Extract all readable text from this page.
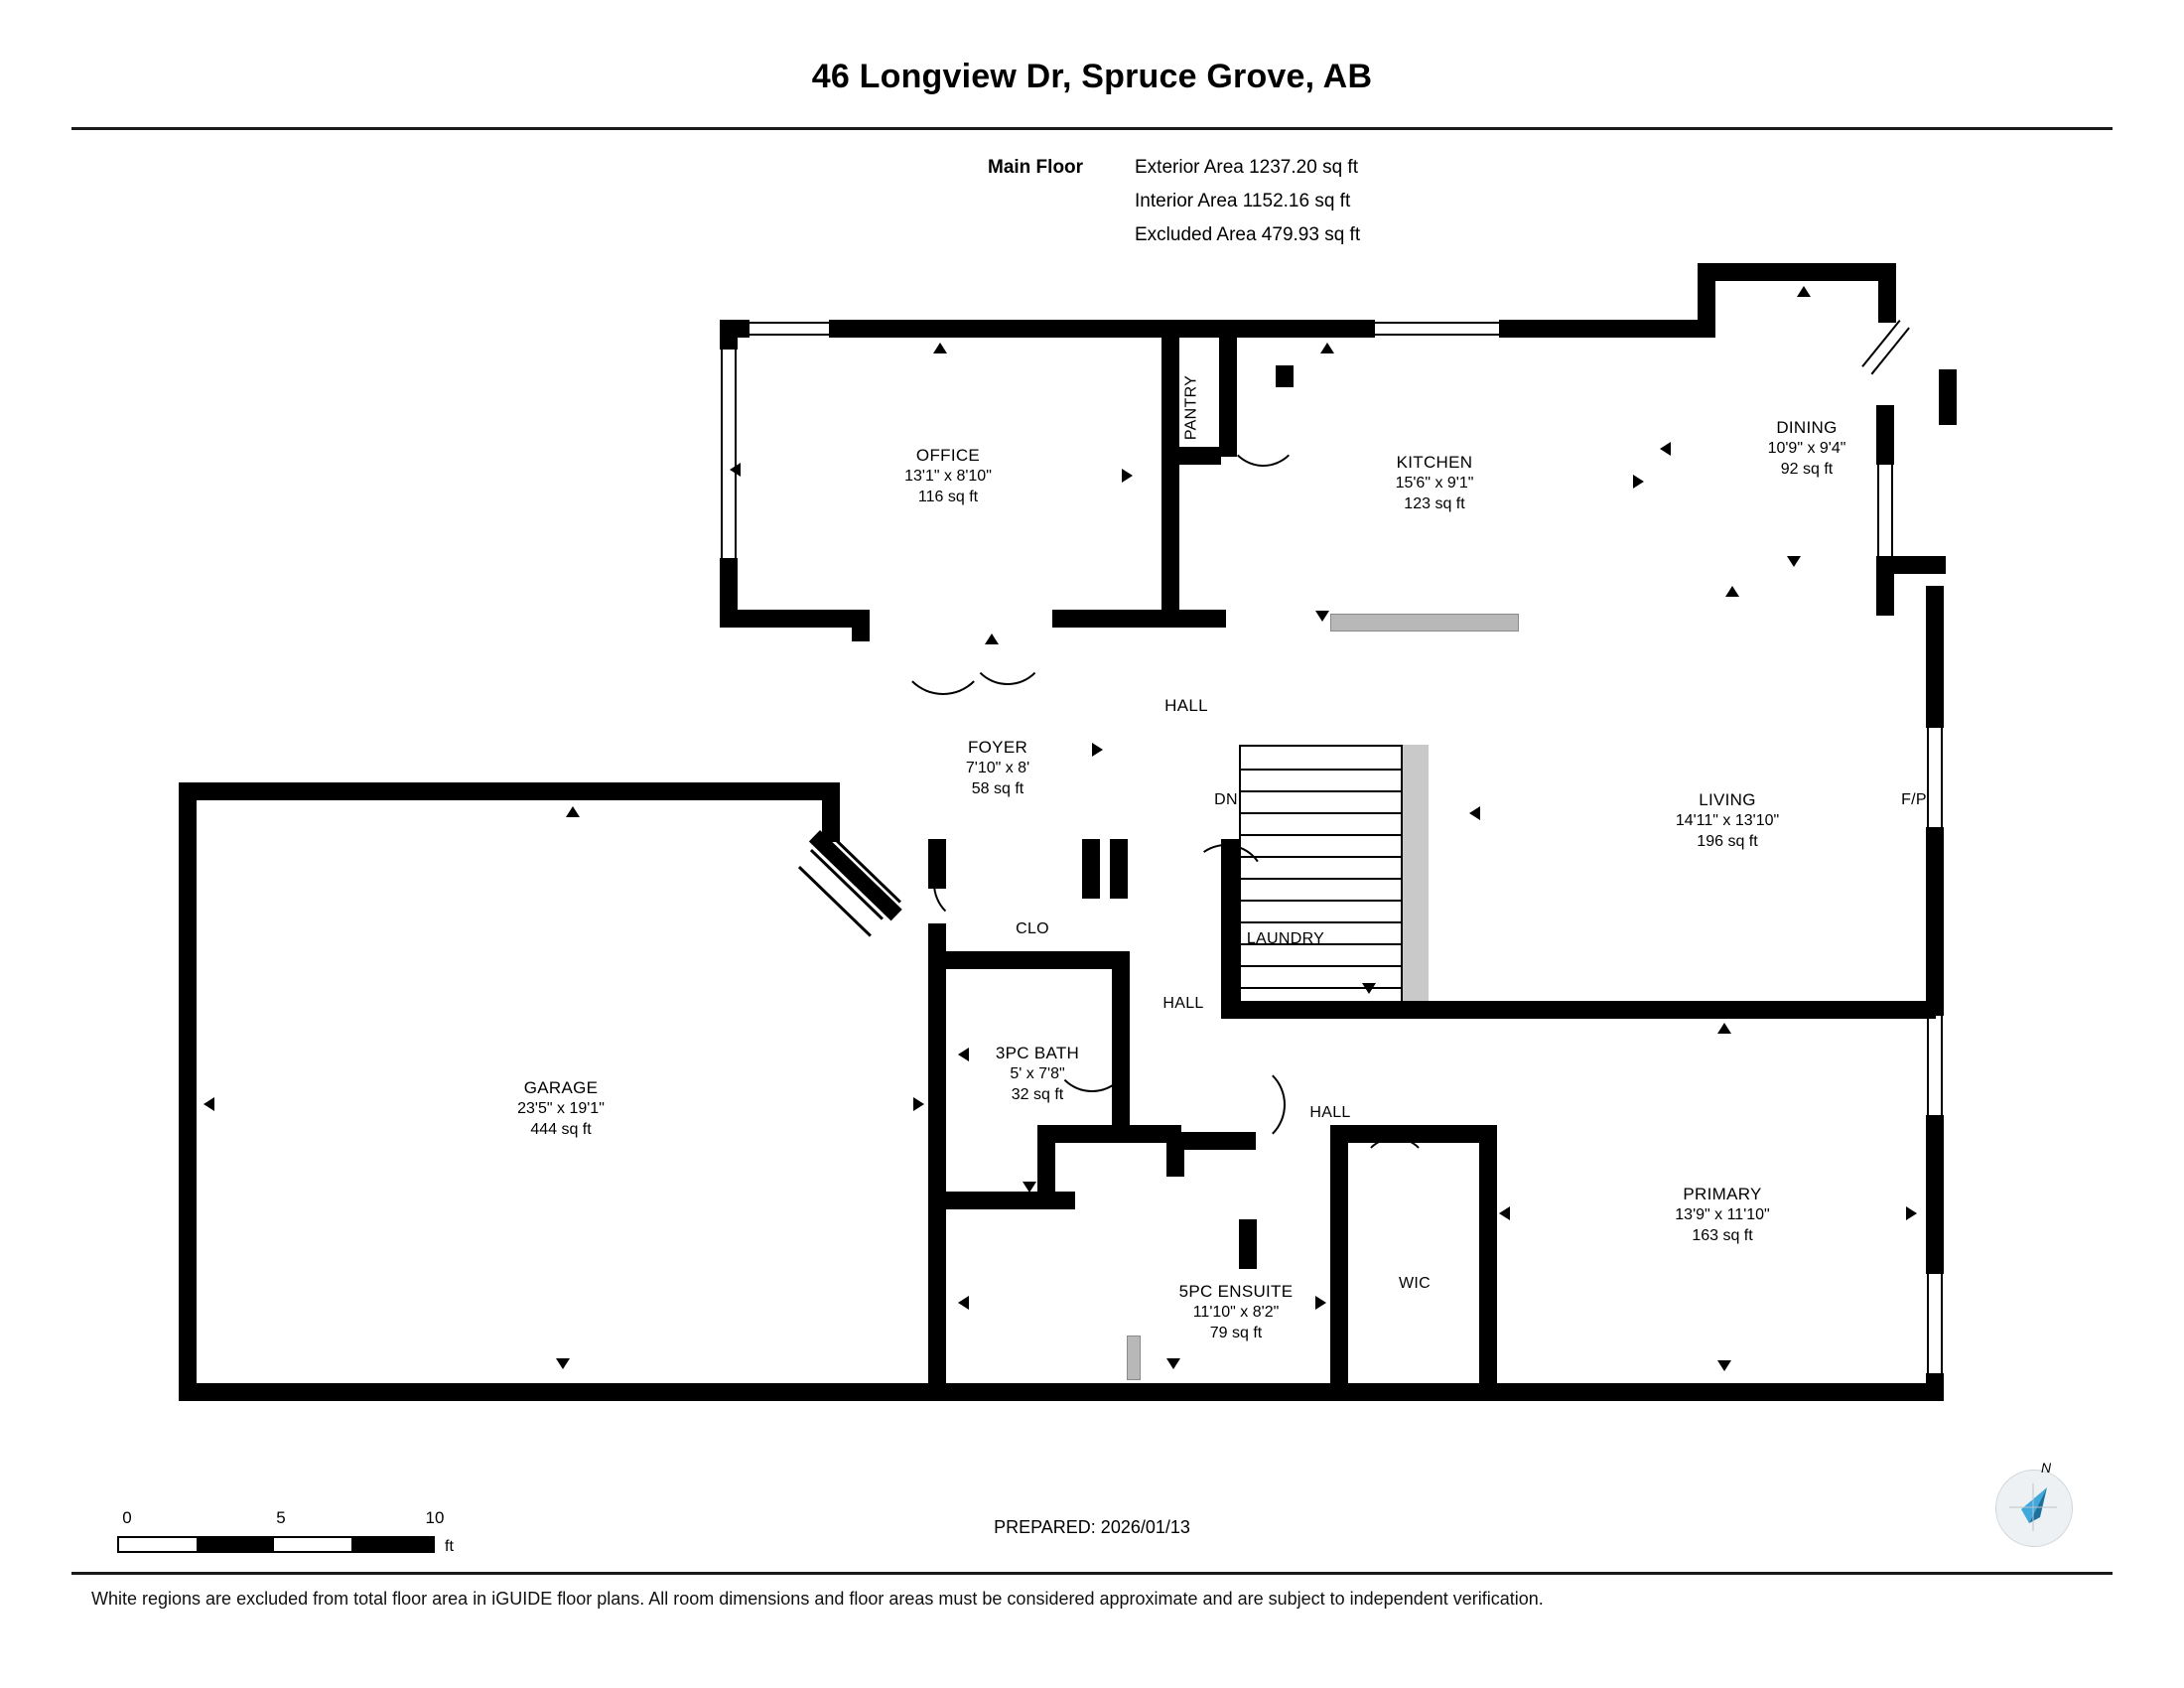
46 Longview Dr, Spruce Grove, AB
Main Floor	Exterior Area 1237.20 sq ft
Interior Area 1152.16 sq ft
Excluded Area 479.93 sq ft
OFFICE
13'1" x 8'10"
116 sq ft
PANTRY
KITCHEN
15'6" x 9'1"
123 sq ft
DINING
10'9" x 9'4"
92 sq ft
HALL
FOYER
7'10" x 8'
58 sq ft
DN	LIVING
14'11" x 13'10"
196 sq ft
F/P
CLO
LAUNDRY
HALL
3PC BATH
5' x 7'8"
32 sq ft
GARAGE
23'5" x 19'1"
444 sq ft
HALL
PRIMARY
13'9" x 11'10"
163 sq ft
WIC
5PC ENSUITE
11'10" x 8'2"
79 sq ft
0	5	10
ft
PREPARED: 2026/01/13
N
White regions are excluded from total floor area in iGUIDE floor plans. All room dimensions and floor areas must be considered approximate and are subject to independent verification.
